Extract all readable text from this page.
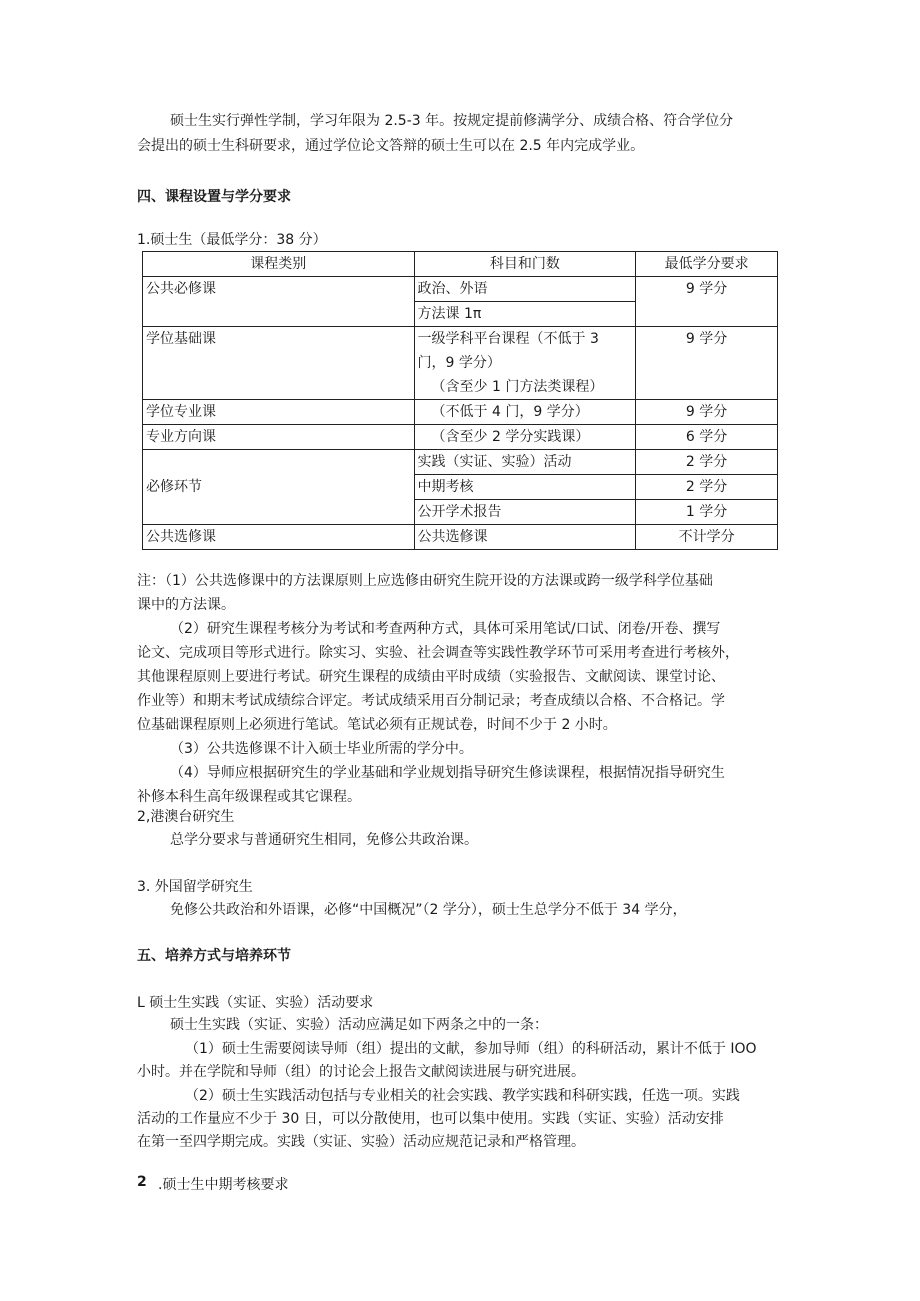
硕士生实行弹性学制，学习年限为 2.5-3 年。按规定提前修满学分、成绩合格、符合学位分
会提出的硕士生科研要求，通过学位论文答辩的硕士生可以在 2.5 年内完成学业。
四、课程设置与学分要求
1.硕士生（最低学分：38 分）
课程类别	科目和门数	最低学分要求
公共必修课	政治、外语	9 学分
	方法课 1π	
学位基础课	一级学科平台课程（不低于 3
门，9 学分）
（含至少 1 门方法类课程）	9 学分
学位专业课	（不低于 4 门，9 学分）	9 学分
专业方向课	（含至少 2 学分实践课）	6 学分
必修环节	实践（实证、实验）活动	2 学分
	中期考核	2 学分
	公开学术报告	1 学分
公共选修课	公共选修课	不计学分
注：（1）公共选修课中的方法课原则上应选修由研究生院开设的方法课或跨一级学科学位基础
课中的方法课。
（2）研究生课程考核分为考试和考查两种方式，具体可采用笔试/口试、闭卷/开卷、撰写
论文、完成项目等形式进行。除实习、实验、社会调查等实践性教学环节可采用考查进行考核外，
其他课程原则上要进行考试。研究生课程的成绩由平时成绩（实验报告、文献阅读、课堂讨论、
作业等）和期末考试成绩综合评定。考试成绩采用百分制记录；考查成绩以合格、不合格记。学
位基础课程原则上必须进行笔试。笔试必须有正规试卷，时间不少于 2 小时。
（3）公共选修课不计入硕士毕业所需的学分中。
（4）导师应根据研究生的学业基础和学业规划指导研究生修读课程，根据情况指导研究生
补修本科生高年级课程或其它课程。
2,港澳台研究生
总学分要求与普通研究生相同，免修公共政治课。
3. 外国留学研究生
免修公共政治和外语课，必修“中国概况”（2 学分），硕士生总学分不低于 34 学分，
五、培养方式与培养环节
L 硕士生实践（实证、实验）活动要求
硕士生实践（实证、实验）活动应满足如下两条之中的一条：
（1）硕士生需要阅读导师（组）提出的文献，参加导师（组）的科研活动，累计不低于 IOO
小时。并在学院和导师（组）的讨论会上报告文献阅读进展与研究进展。
（2）硕士生实践活动包括与专业相关的社会实践、教学实践和科研实践，任选一项。实践
活动的工作量应不少于 30 日，可以分散使用，也可以集中使用。实践（实证、实验）活动安排
在第一至四学期完成。实践（实证、实验）活动应规范记录和严格管理。
2 .硕士生中期考核要求
